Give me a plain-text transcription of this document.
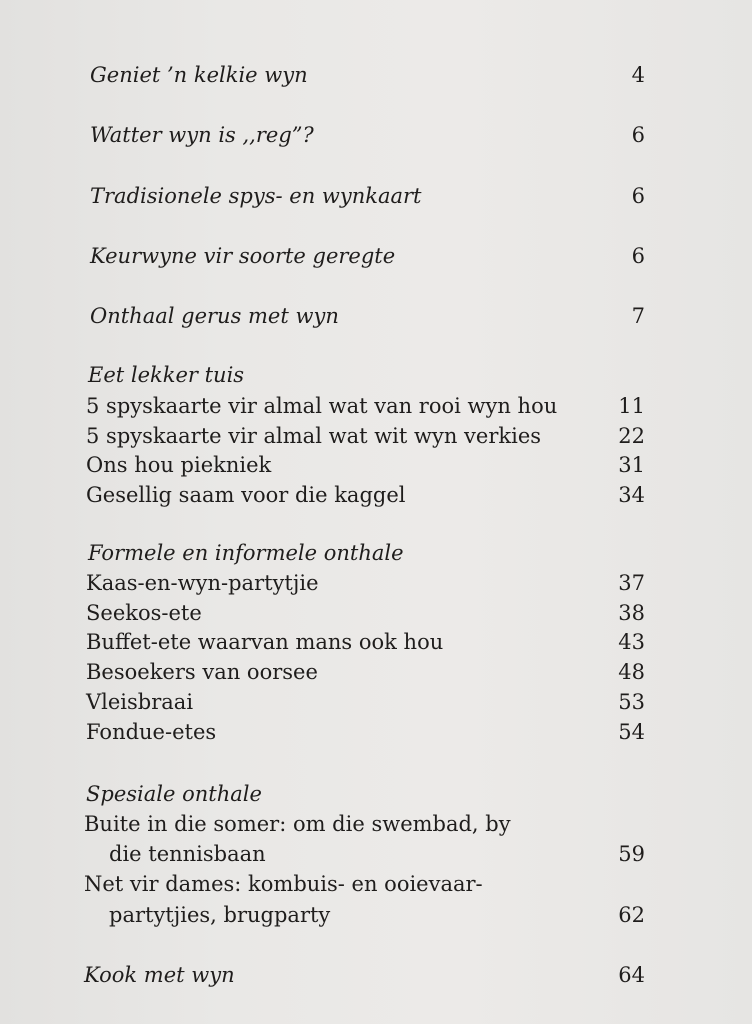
Geniet ’n kelkie wyn	4
Watter wyn is ,,reg”?	6
Tradisionele spys- en wynkaart	6
Keurwyne vir soorte geregte	6
Onthaal gerus met wyn	7
Eet lekker tuis
5 spyskaarte vir almal wat van rooi wyn hou	11
5 spyskaarte vir almal wat wit wyn verkies	22
Ons hou piekniek	31
Gesellig saam voor die kaggel	34
Formele en informele onthale
Kaas-en-wyn-partytjie	37
Seekos-ete	38
Buffet-ete waarvan mans ook hou	43
Besoekers van oorsee	48
Vleisbraai	53
Fondue-etes	54
Spesiale onthale
Buite in die somer: om die swembad, by
die tennisbaan	59
Net vir dames: kombuis- en ooievaar-
partytjies, brugparty	62
Kook met wyn	64
